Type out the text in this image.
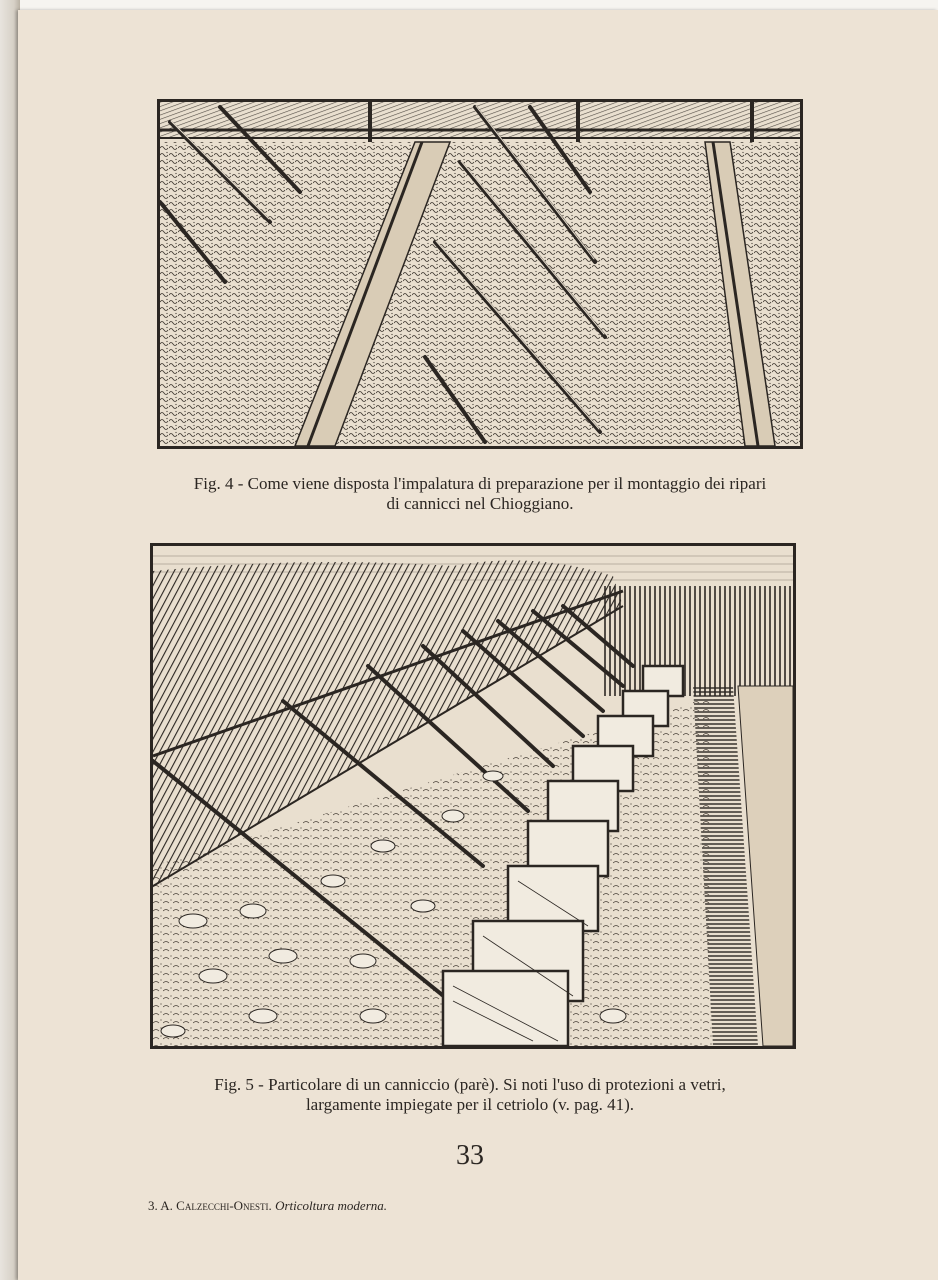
Fig. 4 - Come viene disposta l'impalatura di preparazione per il montaggio dei ripari
di cannicci nel Chioggiano.
Fig. 5 - Particolare di un canniccio (parè). Si noti l'uso di protezioni a vetri,
largamente impiegate per il cetriolo (v. pag. 41).
33
3. A. Calzecchi-Onesti. Orticoltura moderna.
